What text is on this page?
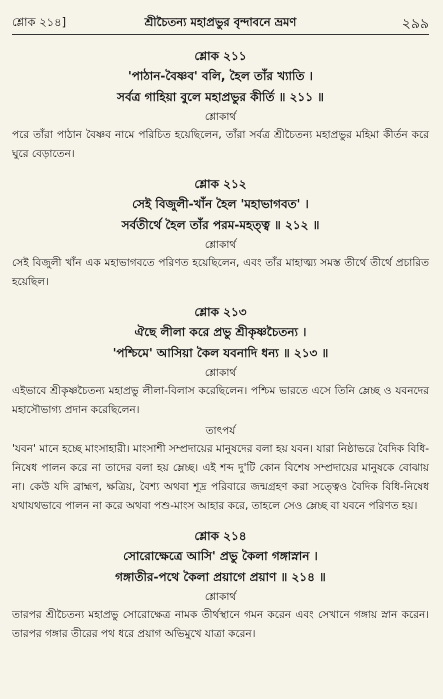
শ্লোক ২১৪]	শ্রীচৈতন্য মহাপ্রভুর বৃন্দাবনে ভ্রমণ	২৯৯

শ্লোক ২১১

'পাঠান-বৈষ্ণব' বলি, হৈল তাঁর খ্যাতি ।

সর্বত্র গাহিয়া বুলে মহাপ্রভুর কীর্তি ॥ ২১১ ॥

শ্লোকার্থ

পরে তাঁরা পাঠান বৈষ্ণব নামে পরিচিত হয়েছিলেন, তাঁরা সর্বত্র শ্রীচৈতন্য মহাপ্রভুর মহিমা কীর্তন করে ঘুরে বেড়াতেন।

শ্লোক ২১২

সেই বিজুলী-খাঁন হৈল 'মহাভাগবত' ।

সর্বতীর্থে হৈল তাঁর পরম-মহত্ত্ব ॥ ২১২ ॥

শ্লোকার্থ

সেই বিজুলী খাঁন এক মহাভাগবতে পরিণত হয়েছিলেন, এবং তাঁর মাহাত্ম্য সমস্ত তীর্থে তীর্থে প্রচারিত হয়েছিল।

শ্লোক ২১৩

ঐছে লীলা করে প্রভু শ্রীকৃষ্ণচৈতন্য ।

'পশ্চিমে' আসিয়া কৈল যবনাদি ধন্য ॥ ২১৩ ॥

শ্লোকার্থ

এইভাবে শ্রীকৃষ্ণচৈতন্য মহাপ্রভু লীলা-বিলাস করেছিলেন। পশ্চিম ভারতে এসে তিনি ম্লেচ্ছ ও যবনদের মহাসৌভাগ্য প্রদান করেছিলেন।

তাৎপর্য

'যবন' মানে হচ্ছে মাংসাহারী। মাংসাশী সম্প্রদায়ের মানুষদের বলা হয় যবন। যারা নিষ্ঠাভরে বৈদিক বিধি-নিষেধ পালন করে না তাদের বলা হয় ম্লেচ্ছ। এই শব্দ দু'টি কোন বিশেষ সম্প্রদায়ের মানুষকে বোঝায় না। কেউ যদি ব্রাহ্মণ, ক্ষত্রিয়, বৈশ্য অথবা শূদ্র পরিবারে জন্মগ্রহণ করা সত্ত্বেও বৈদিক বিধি-নিষেধ যথাযথভাবে পালন না করে অথবা পশু-মাংস আহার করে, তাহলে সেও ম্লেচ্ছ বা যবনে পরিণত হয়।

শ্লোক ২১৪

সোরোক্ষেত্রে আসি' প্রভু কৈলা গঙ্গাস্নান ।

গঙ্গাতীর-পথে কৈলা প্রয়াগে প্রয়াণ ॥ ২১৪ ॥

শ্লোকার্থ

তারপর শ্রীচৈতন্য মহাপ্রভু সোরোক্ষেত্র নামক তীর্থস্থানে গমন করেন এবং সেখানে গঙ্গায় স্নান করেন। তারপর গঙ্গার তীরের পথ ধরে প্রয়াগ অভিমুখে যাত্রা করেন।
